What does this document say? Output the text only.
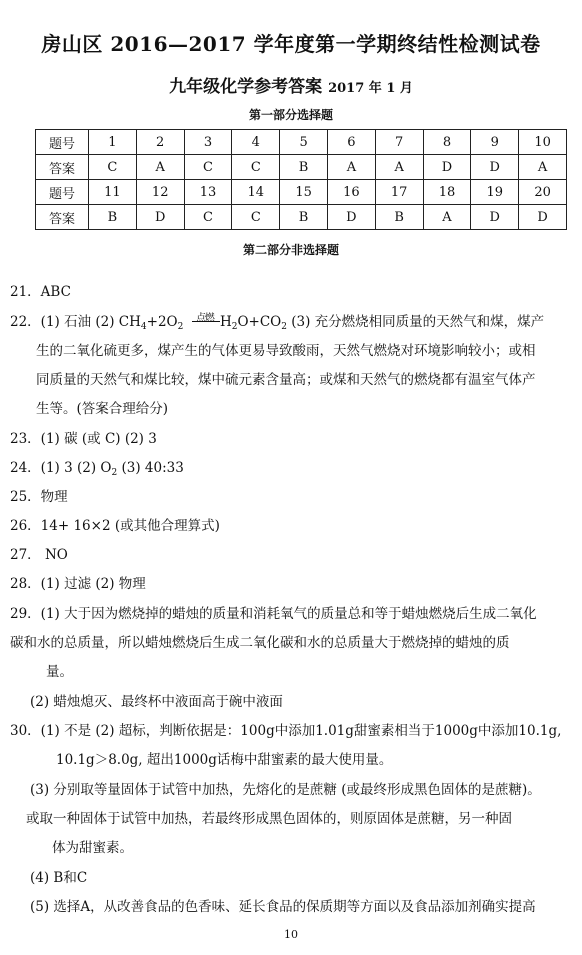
房山区 2016—2017 学年度第一学期终结性检测试卷
九年级化学参考答案 2017 年 1 月
第一部分选择题
题号	1	2	3	4	5	6	7	8	9	10
答案	C	A	C	C	B	A	A	D	D	A
题号	11	12	13	14	15	16	17	18	19	20
答案	B	D	C	C	B	D	B	A	D	D
第二部分非选择题
21．ABC
22．(1) 石油 (2) $CH_4+2O_2$
点燃 $H_2O+CO_2$ (3) 充分燃烧相同质量的天然气和煤，煤产
生的二氧化硫更多，煤产生的气体更易导致酸雨，天然气燃烧对环境影响较小；或相
同质量的天然气和煤比较，煤中硫元素含量高；或煤和天然气的燃烧都有温室气体产
生等。(答案合理给分)
23．(1) 碳 (或 C) (2) 3
24．(1) 3 (2) $O_2$ (3) 40:33
25．物理
26．14+ 16×2 (或其他合理算式)
27． NO
28．(1) 过滤 (2) 物理
29．(1) 大于因为燃烧掉的蜡烛的质量和消耗氧气的质量总和等于蜡烛燃烧后生成二氧化
碳和水的总质量，所以蜡烛燃烧后生成二氧化碳和水的总质量大于燃烧掉的蜡烛的质
量。
(2) 蜡烛熄灭、最终杯中液面高于碗中液面
30．(1) 不是 (2) 超标，判断依据是：100g中添加1.01g甜蜜素相当于1000g中添加10.1g,
10.1g＞8.0g, 超出1000g话梅中甜蜜素的最大使用量。
(3) 分别取等量固体于试管中加热，先熔化的是蔗糖 (或最终形成黑色固体的是蔗糖)。
或取一种固体于试管中加热，若最终形成黑色固体的，则原固体是蔗糖，另一种固
体为甜蜜素。
(4) B和C
(5) 选择A，从改善食品的色香味、延长食品的保质期等方面以及食品添加剂确实提高
10
